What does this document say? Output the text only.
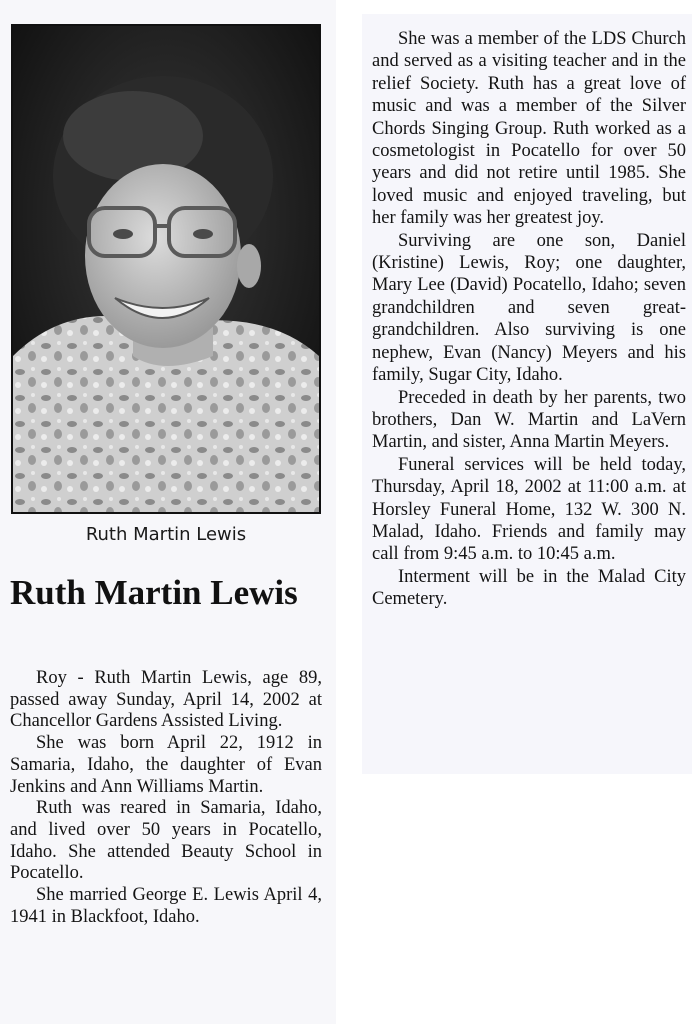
Ruth Martin Lewis
Ruth Martin Lewis

Roy - Ruth Martin Lewis, age 89, passed away Sunday, April 14, 2002 at Chancellor Gardens Assisted Living.

She was born April 22, 1912 in Samaria, Idaho, the daughter of Evan Jenkins and Ann Williams Martin.

Ruth was reared in Samaria, Idaho, and lived over 50 years in Pocatello, Idaho. She attended Beauty School in Pocatello.

She married George E. Lewis April 4, 1941 in Blackfoot, Idaho.

She was a member of the LDS Church and served as a visiting teacher and in the relief Society. Ruth has a great love of music and was a member of the Silver Chords Singing Group. Ruth worked as a cosmetologist in Pocatello for over 50 years and did not retire until 1985. She loved music and enjoyed traveling, but her family was her greatest joy.

Surviving are one son, Daniel (Kristine) Lewis, Roy; one daughter, Mary Lee (David) Pocatello, Idaho; seven grandchildren and seven great-grandchildren. Also surviving is one nephew, Evan (Nancy) Meyers and his family, Sugar City, Idaho.

Preceded in death by her parents, two brothers, Dan W. Martin and LaVern Martin, and sister, Anna Martin Meyers.

Funeral services will be held today, Thursday, April 18, 2002 at 11:00 a.m. at Horsley Funeral Home, 132 W. 300 N. Malad, Idaho. Friends and family may call from 9:45 a.m. to 10:45 a.m.

Interment will be in the Malad City Cemetery.
